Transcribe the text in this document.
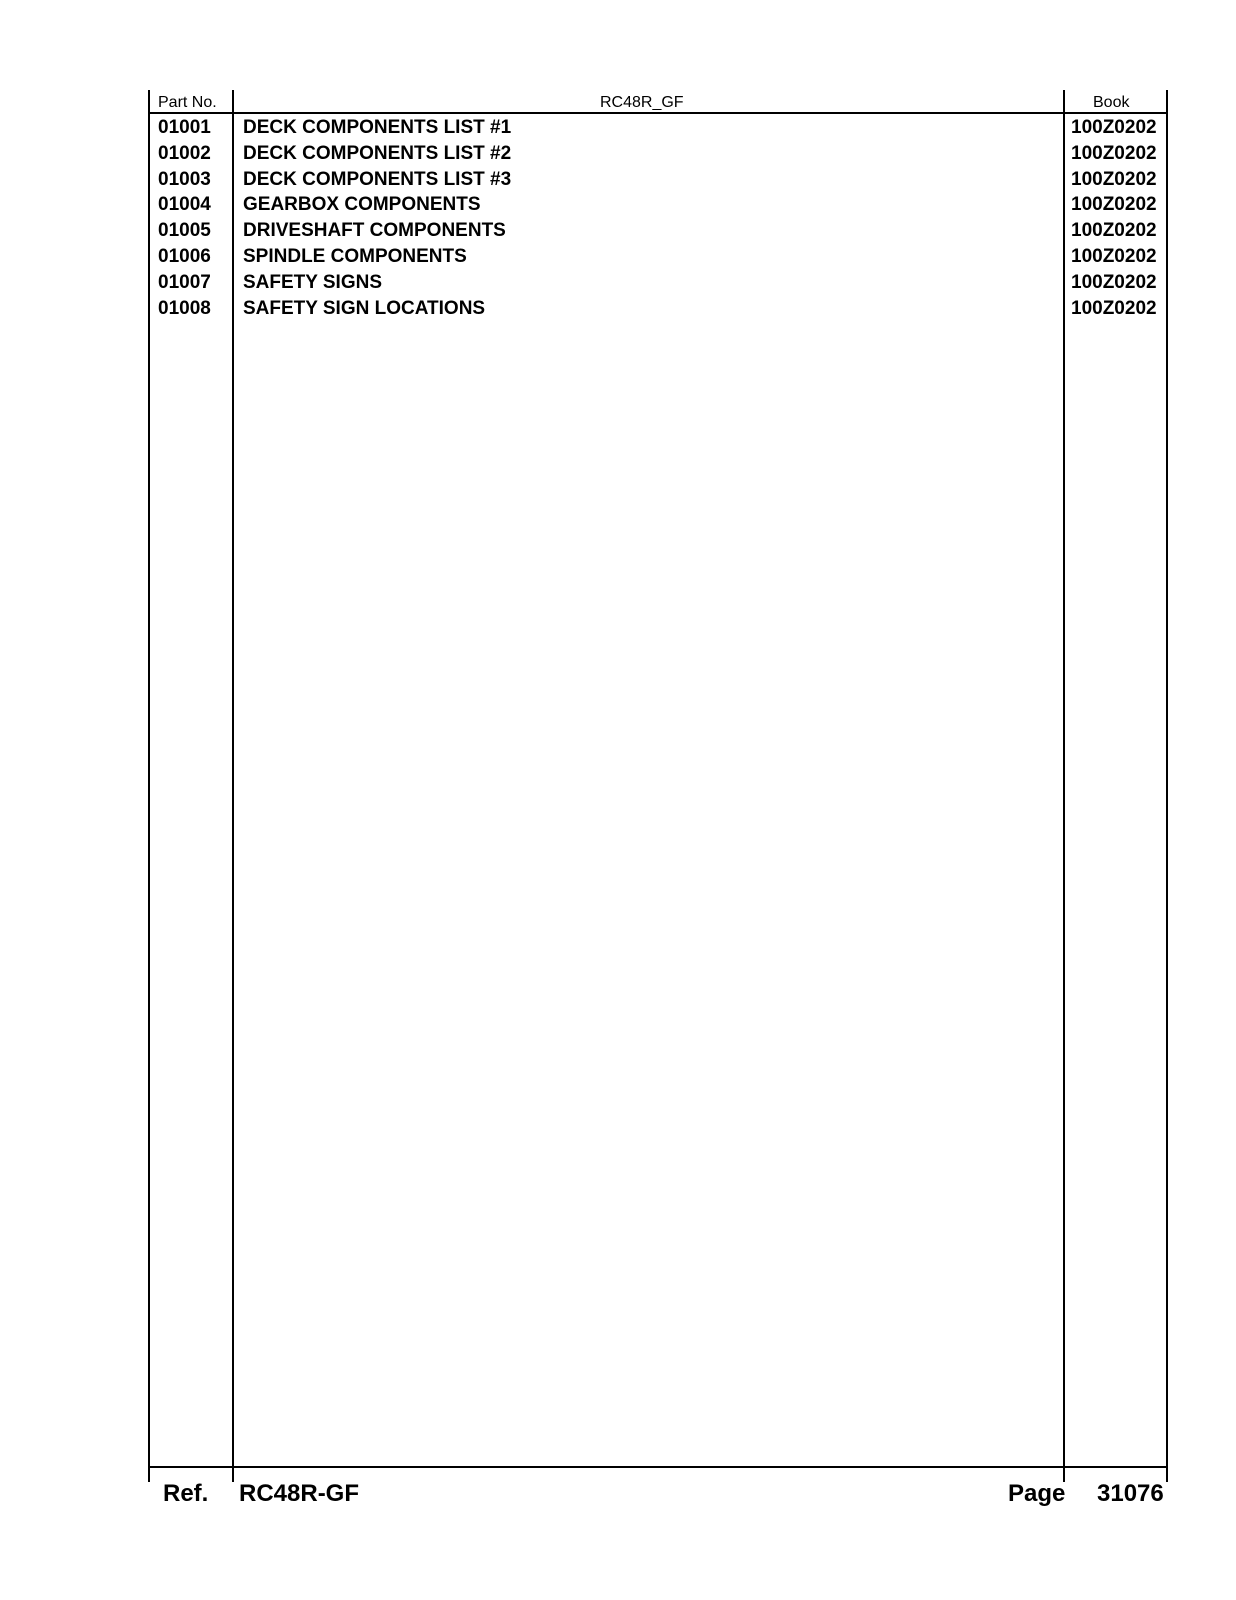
Part No.	RC48R_GF	Book
01001 DECK COMPONENTS LIST #1	100Z0202
01002 DECK COMPONENTS LIST #2	100Z0202
01003 DECK COMPONENTS LIST #3	100Z0202
01004 GEARBOX COMPONENTS	100Z0202
01005 DRIVESHAFT COMPONENTS	100Z0202
01006 SPINDLE COMPONENTS	100Z0202
01007 SAFETY SIGNS	100Z0202
01008 SAFETY SIGN LOCATIONS	100Z0202
Ref. RC48R-GF	Page 31076
